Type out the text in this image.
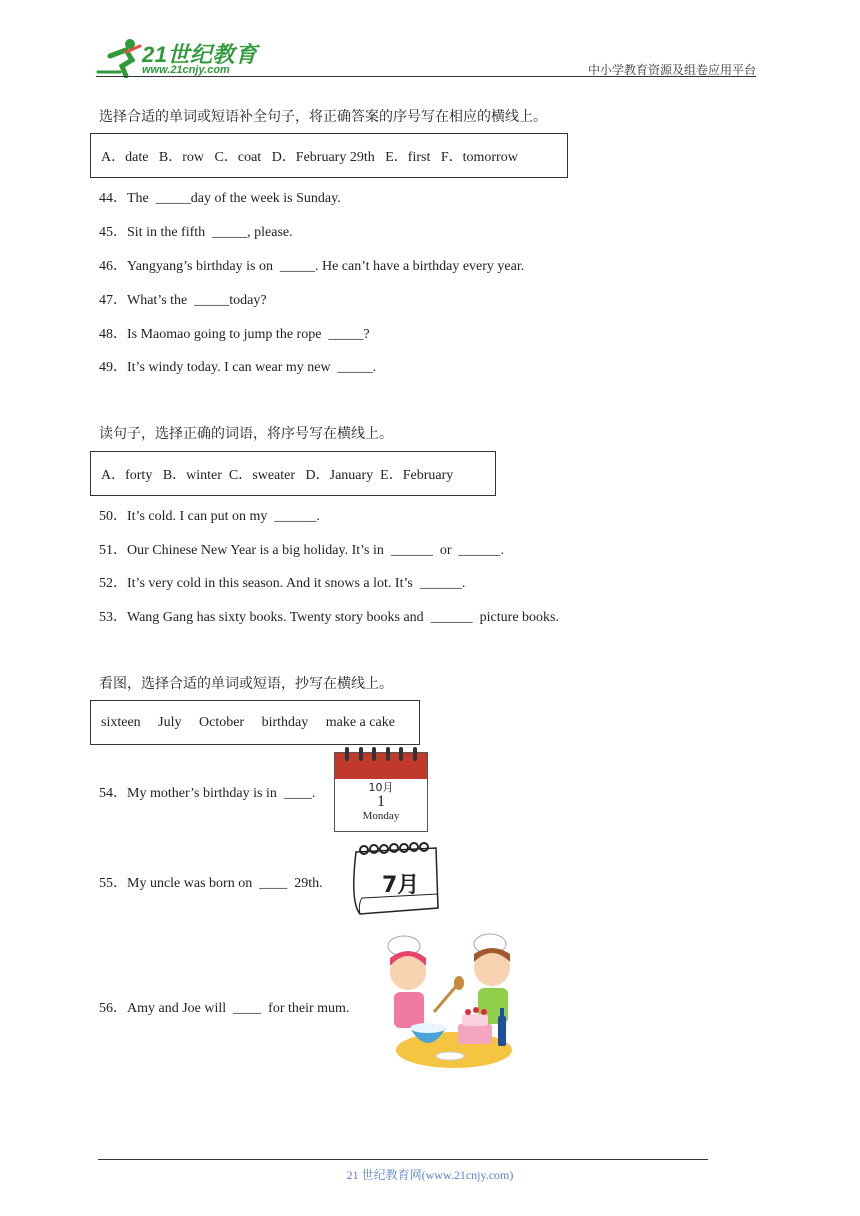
21世纪教育
www.21cnjy.com	中小学教育资源及组卷应用平台
选择合适的单词或短语补全句子，将正确答案的序号写在相应的横线上。
A．date   B．row   C．coat   D．February 29th   E．first   F．tomorrow
44．The  _____day of the week is Sunday.
45．Sit in the fifth  _____, please.
46．Yangyang’s birthday is on  _____. He can’t have a birthday every year.
47．What’s the  _____today?
48．Is Maomao going to jump the rope  _____?
49．It’s windy today. I can wear my new  _____.
读句子，选择正确的词语，将序号写在横线上。
A．forty   B．winter  C．sweater   D．January  E．February
50．It’s cold. I can put on my  ______.
51．Our Chinese New Year is a big holiday. It’s in  ______  or  ______.
52．It’s very cold in this season. And it snows a lot. It’s  ______.
53．Wang Gang has sixty books. Twenty story books and  ______  picture books.
看图，选择合适的单词或短语，抄写在横线上。
sixteen     July     October     birthday     make a cake
54．My mother’s birthday is in  ____.	10月
1
Monday
55．My uncle was born on  ____  29th.	7月
56．Amy and Joe will  ____  for their mum.
21 世纪教育网(www.21cnjy.com)
